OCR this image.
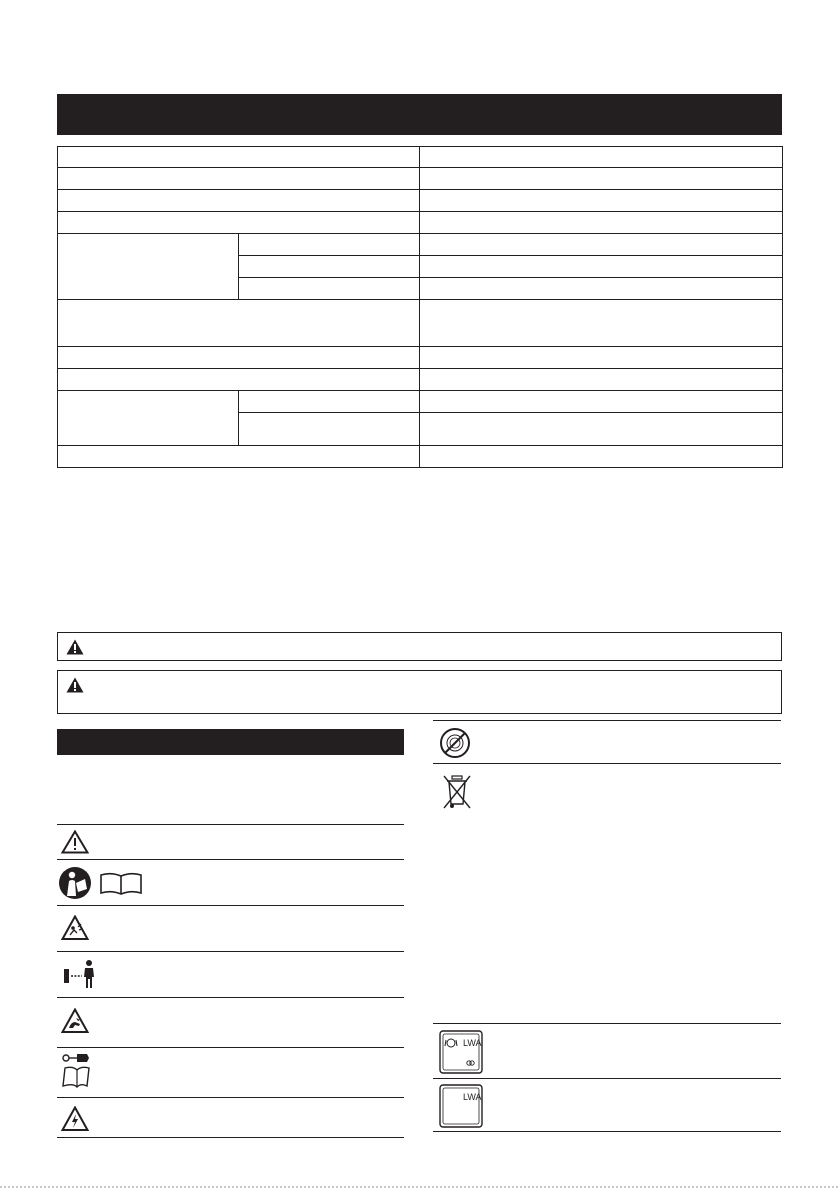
LWA
LWA
